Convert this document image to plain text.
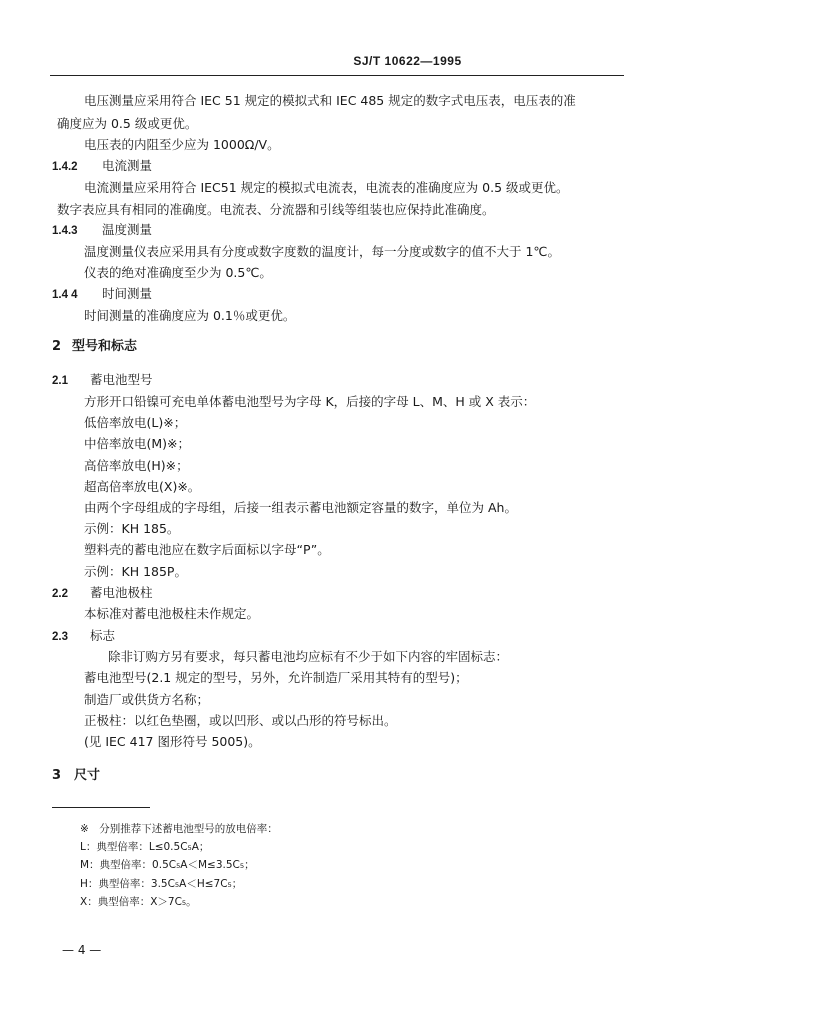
SJ/T 10622—1995
电压测量应采用符合 IEC 51 规定的模拟式和 IEC 485 规定的数字式电压表，电压表的准
确度应为 0.5 级或更优。
电压表的内阻至少应为 1000Ω/V。
1.4.2 电流测量
电流测量应采用符合 IEC51 规定的模拟式电流表，电流表的准确度应为 0.5 级或更优。
数字表应具有相同的准确度。电流表、分流器和引线等组装也应保持此准确度。
1.4.3 温度测量
温度测量仪表应采用具有分度或数字度数的温度计，每一分度或数字的值不大于 1℃。
仪表的绝对准确度至少为 0.5℃。
1.4 4 时间测量
时间测量的准确度应为 0.1％或更优。
2 型号和标志
2.1 蓄电池型号
方形开口铅镍可充电单体蓄电池型号为字母 K，后接的字母 L、M、H 或 X 表示：
低倍率放电(L)※；
中倍率放电(M)※；
高倍率放电(H)※；
超高倍率放电(X)※。
由两个字母组成的字母组，后接一组表示蓄电池额定容量的数字，单位为 Ah。
示例：KH 185。
塑料壳的蓄电池应在数字后面标以字母“P”。
示例：KH 185P。
2.2 蓄电池极柱
本标准对蓄电池极柱未作规定。
2.3 标志
除非订购方另有要求，每只蓄电池均应标有不少于如下内容的牢固标志：
蓄电池型号(2.1 规定的型号，另外，允许制造厂采用其特有的型号)；
制造厂或供货方名称；
正极柱：以红色垫圈，或以凹形、或以凸形的符号标出。
(见 IEC 417 图形符号 5005)。
3 尺寸
※　分别推荐下述蓄电池型号的放电倍率：
L：典型倍率：L≤0.5C₅A；
M：典型倍率：0.5C₅A＜M≤3.5C₅；
H：典型倍率：3.5C₅A＜H≤7C₅；
X：典型倍率：X＞7C₅。
— 4 —
